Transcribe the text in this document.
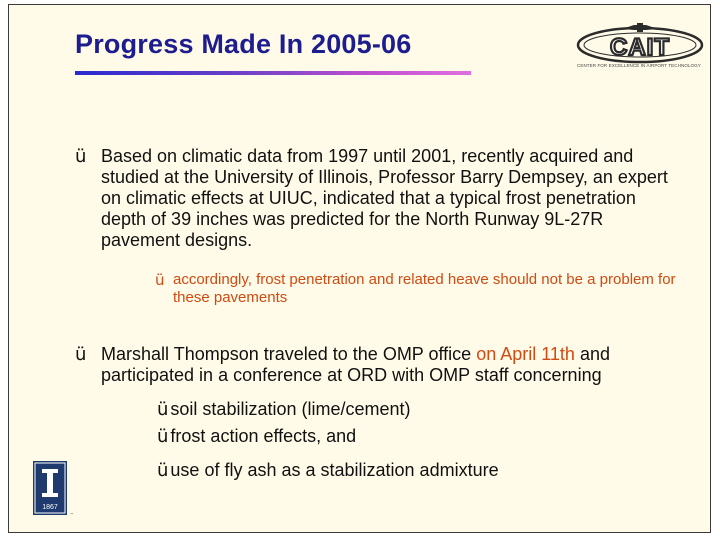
Progress Made In 2005-06	CAIT
CENTER FOR EXCELLENCE IN AIRPORT TECHNOLOGY
ü Based on climatic data from 1997 until 2001, recently acquired and studied at the University of Illinois, Professor Barry Dempsey, an expert on climatic effects at UIUC, indicated that a typical frost penetration depth of 39 inches was predicted for the North Runway 9L-27R pavement designs.
ü accordingly, frost penetration and related heave should not be a problem for these pavements
ü Marshall Thompson traveled to the OMP office on April 11th and participated in a conference at ORD with OMP staff concerning
ü soil stabilization (lime/cement)
ü frost action effects, and
ü use of fly ash as a stabilization admixture
1867
™
